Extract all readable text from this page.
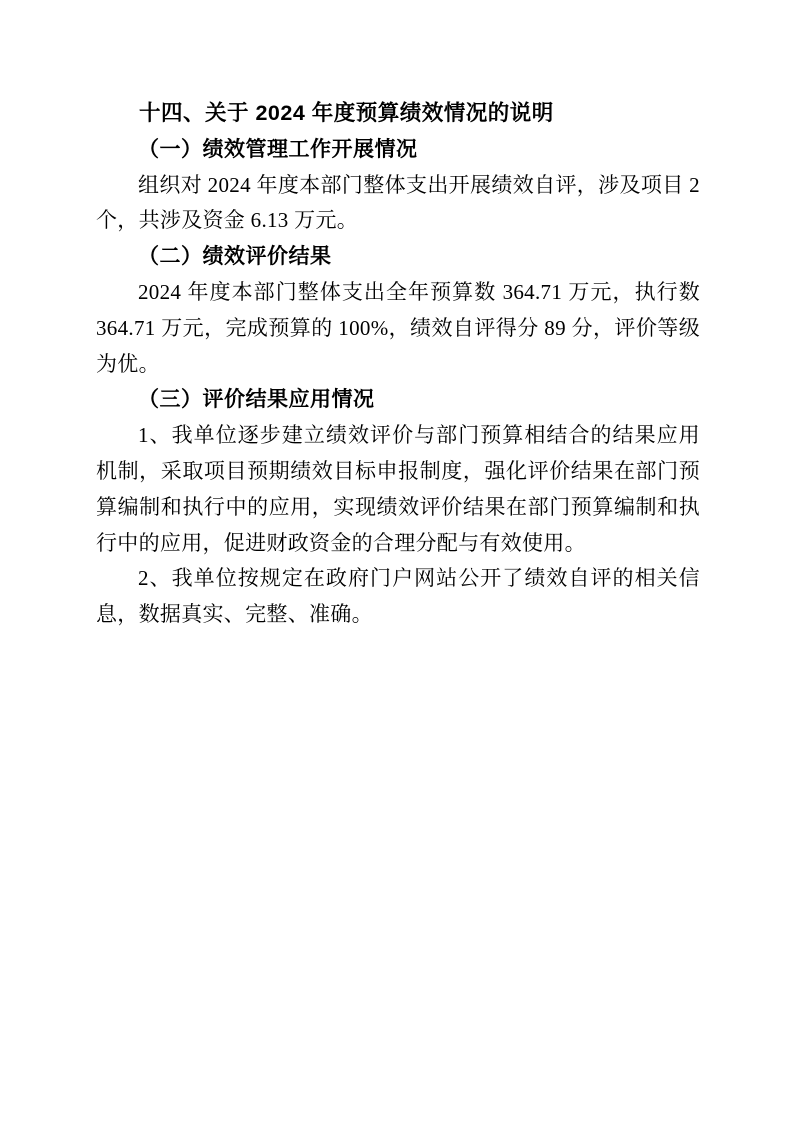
十四、关于 2024 年度预算绩效情况的说明
（一）绩效管理工作开展情况

组织对 2024 年度本部门整体支出开展绩效自评，涉及项目 2 个，共涉及资金 6.13 万元。

（二）绩效评价结果

2024 年度本部门整体支出全年预算数 364.71 万元，执行数 364.71 万元，完成预算的 100%，绩效自评得分 89 分，评价等级为优。

（三）评价结果应用情况

1、我单位逐步建立绩效评价与部门预算相结合的结果应用机制，采取项目预期绩效目标申报制度，强化评价结果在部门预算编制和执行中的应用，实现绩效评价结果在部门预算编制和执行中的应用，促进财政资金的合理分配与有效使用。

2、我单位按规定在政府门户网站公开了绩效自评的相关信息，数据真实、完整、准确。
